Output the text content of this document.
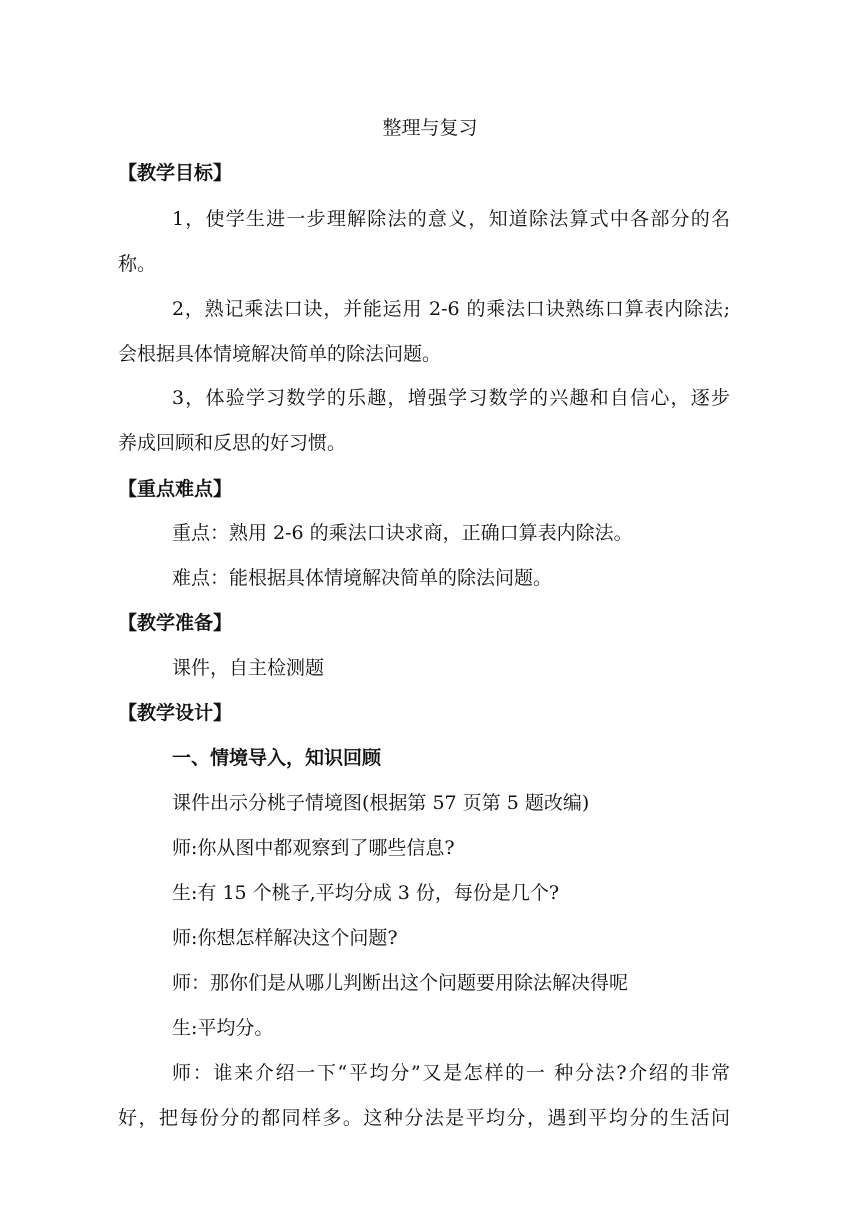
整理与复习
【教学目标】
1，使学生进一步理解除法的意义，知道除法算式中各部分的名
称。
2，熟记乘法口诀，并能运用 2-6 的乘法口诀熟练口算表内除法;
会根据具体情境解决简单的除法问题。
3，体验学习数学的乐趣，增强学习数学的兴趣和自信心，逐步
养成回顾和反思的好习惯。
【重点难点】
重点：熟用 2-6 的乘法口诀求商，正确口算表内除法。
难点：能根据具体情境解决简单的除法问题。
【教学准备】
课件，自主检测题
【教学设计】
一、情境导入，知识回顾
课件出示分桃子情境图(根据第 57 页第 5 题改编)
师:你从图中都观察到了哪些信息?
生:有 15 个桃子,平均分成 3 份，每份是几个?
师:你想怎样解决这个问题?
师：那你们是从哪儿判断出这个问题要用除法解决得呢
生:平均分。
师：谁来介绍一下“平均分”又是怎样的一 种分法?介绍的非常
好，把每份分的都同样多。这种分法是平均分，遇到平均分的生活问
